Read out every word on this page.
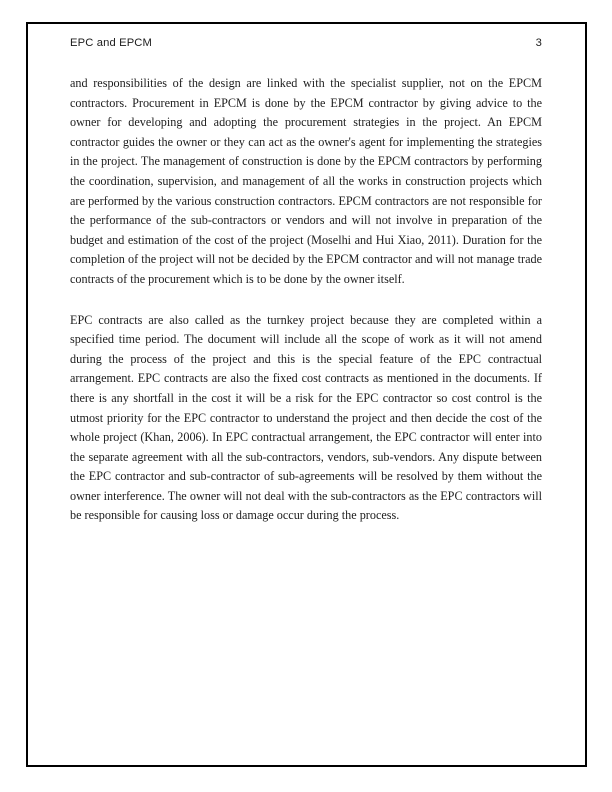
EPC and EPCM	3

and responsibilities of the design are linked with the specialist supplier, not on the EPCM contractors. Procurement in EPCM is done by the EPCM contractor by giving advice to the owner for developing and adopting the procurement strategies in the project. An EPCM contractor guides the owner or they can act as the owner's agent for implementing the strategies in the project. The management of construction is done by the EPCM contractors by performing the coordination, supervision, and management of all the works in construction projects which are performed by the various construction contractors. EPCM contractors are not responsible for the performance of the sub-contractors or vendors and will not involve in preparation of the budget and estimation of the cost of the project (Moselhi and Hui Xiao, 2011). Duration for the completion of the project will not be decided by the EPCM contractor and will not manage trade contracts of the procurement which is to be done by the owner itself.

EPC contracts are also called as the turnkey project because they are completed within a specified time period. The document will include all the scope of work as it will not amend during the process of the project and this is the special feature of the EPC contractual arrangement. EPC contracts are also the fixed cost contracts as mentioned in the documents. If there is any shortfall in the cost it will be a risk for the EPC contractor so cost control is the utmost priority for the EPC contractor to understand the project and then decide the cost of the whole project (Khan, 2006). In EPC contractual arrangement, the EPC contractor will enter into the separate agreement with all the sub-contractors, vendors, sub-vendors. Any dispute between the EPC contractor and sub-contractor of sub-agreements will be resolved by them without the owner interference. The owner will not deal with the sub-contractors as the EPC contractors will be responsible for causing loss or damage occur during the process.
